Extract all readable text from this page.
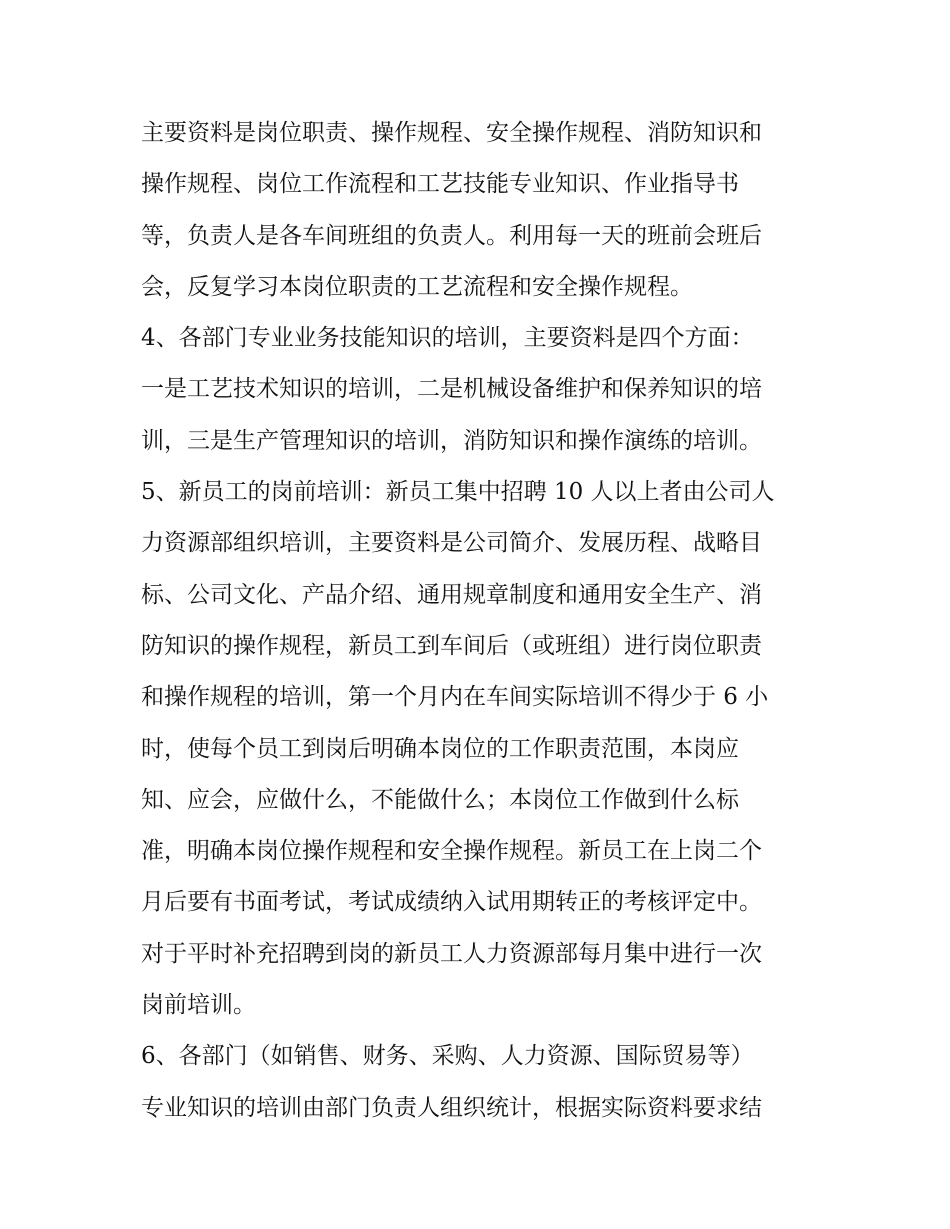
主要资料是岗位职责、操作规程、安全操作规程、消防知识和
操作规程、岗位工作流程和工艺技能专业知识、作业指导书
等，负责人是各车间班组的负责人。利用每一天的班前会班后
会，反复学习本岗位职责的工艺流程和安全操作规程。
4、各部门专业业务技能知识的培训，主要资料是四个方面：
一是工艺技术知识的培训，二是机械设备维护和保养知识的培
训，三是生产管理知识的培训，消防知识和操作演练的培训。
5、新员工的岗前培训：新员工集中招聘 10 人以上者由公司人
力资源部组织培训，主要资料是公司简介、发展历程、战略目
标、公司文化、产品介绍、通用规章制度和通用安全生产、消
防知识的操作规程，新员工到车间后（或班组）进行岗位职责
和操作规程的培训，第一个月内在车间实际培训不得少于 6 小
时，使每个员工到岗后明确本岗位的工作职责范围，本岗应
知、应会，应做什么，不能做什么；本岗位工作做到什么标
准，明确本岗位操作规程和安全操作规程。新员工在上岗二个
月后要有书面考试，考试成绩纳入试用期转正的考核评定中。
对于平时补充招聘到岗的新员工人力资源部每月集中进行一次
岗前培训。
6、各部门（如销售、财务、采购、人力资源、国际贸易等）
专业知识的培训由部门负责人组织统计，根据实际资料要求结
